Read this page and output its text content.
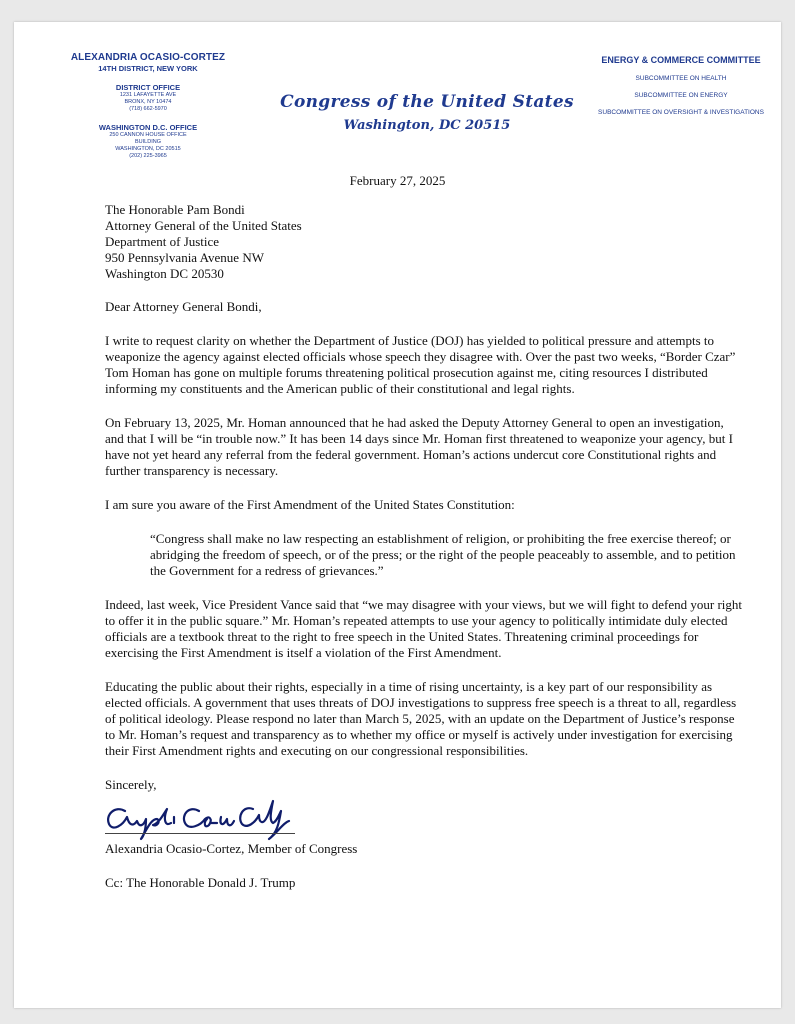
ALEXANDRIA OCASIO-CORTEZ
14TH DISTRICT, NEW YORK
DISTRICT OFFICE
1231 LAFAYETTE AVE
BRONX, NY 10474
(718) 662-5970
WASHINGTON D.C. OFFICE
250 CANNON HOUSE OFFICE
BUILDING
WASHINGTON, DC 20515
(202) 225-3965
Congress of the United States
Washington, DC 20515
ENERGY & COMMERCE COMMITTEE
SUBCOMMITTEE ON HEALTH
SUBCOMMITTEE ON ENERGY
SUBCOMMITTEE ON OVERSIGHT & INVESTIGATIONS
February 27, 2025
The Honorable Pam Bondi
Attorney General of the United States
Department of Justice
950 Pennsylvania Avenue NW
Washington DC 20530
Dear Attorney General Bondi,
I write to request clarity on whether the Department of Justice (DOJ) has yielded to political pressure and attempts to weaponize the agency against elected officials whose speech they disagree with. Over the past two weeks, “Border Czar” Tom Homan has gone on multiple forums threatening political prosecution against me, citing resources I distributed informing my constituents and the American public of their constitutional and legal rights.
On February 13, 2025, Mr. Homan announced that he had asked the Deputy Attorney General to open an investigation, and that I will be “in trouble now.” It has been 14 days since Mr. Homan first threatened to weaponize your agency, but I have not yet heard any referral from the federal government. Homan’s actions undercut core Constitutional rights and further transparency is necessary.
I am sure you aware of the First Amendment of the United States Constitution:
“Congress shall make no law respecting an establishment of religion, or prohibiting the free exercise thereof; or abridging the freedom of speech, or of the press; or the right of the people peaceably to assemble, and to petition the Government for a redress of grievances.”
Indeed, last week, Vice President Vance said that “we may disagree with your views, but we will fight to defend your right to offer it in the public square.” Mr. Homan’s repeated attempts to use your agency to politically intimidate duly elected officials are a textbook threat to the right to free speech in the United States. Threatening criminal proceedings for exercising the First Amendment is itself a violation of the First Amendment.
Educating the public about their rights, especially in a time of rising uncertainty, is a key part of our responsibility as elected officials. A government that uses threats of DOJ investigations to suppress free speech is a threat to all, regardless of political ideology. Please respond no later than March 5, 2025, with an update on the Department of Justice’s response to Mr. Homan’s request and transparency as to whether my office or myself is actively under investigation for exercising their First Amendment rights and executing on our congressional responsibilities.
Sincerely,
Alexandria Ocasio-Cortez, Member of Congress
Cc: The Honorable Donald J. Trump
